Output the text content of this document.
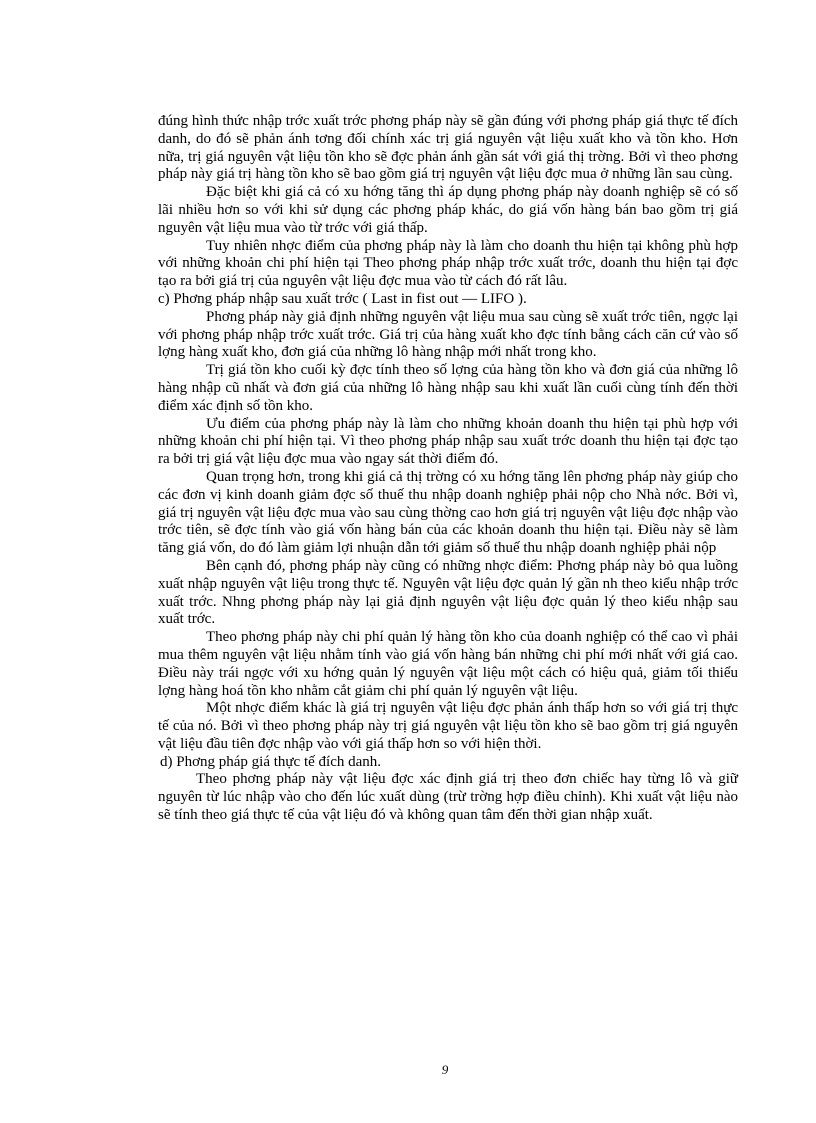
đúng hình thức nhập trớc xuất trớc phơng pháp này sẽ gần đúng với phơng pháp giá thực tế đích danh, do đó sẽ phản ánh tơng đối chính xác trị giá nguyên vật liệu xuất kho và tồn kho. Hơn nữa, trị giá nguyên vật liệu tồn kho sẽ đợc phản ánh gần sát với giá thị trờng. Bởi vì theo phơng pháp này giá trị hàng tồn kho sẽ bao gồm giá trị nguyên vật liệu đợc mua ở những lần sau cùng.

Đặc biệt khi giá cả có xu hớng tăng thì áp dụng phơng pháp này doanh nghiệp sẽ có số lãi nhiều hơn so với khi sử dụng các phơng pháp khác, do giá vốn hàng bán bao gồm trị giá nguyên vật liệu mua vào từ trớc với giá thấp.

Tuy nhiên nhợc điểm của phơng pháp này là làm cho doanh thu hiện tại không phù hợp với những khoản chi phí hiện tại Theo phơng pháp nhập trớc xuất trớc, doanh thu hiện tại đợc tạo ra bởi giá trị của nguyên vật liệu đợc mua vào từ cách đó rất lâu.

c) Phơng pháp nhập sau xuất trớc ( Last in fist out — LIFO ).

Phơng pháp này giả định những nguyên vật liệu mua sau cùng sẽ xuất trớc tiên, ngợc lại với phơng pháp nhập trớc xuất trớc. Giá trị của hàng xuất kho đợc tính bằng cách căn cứ vào số lợng hàng xuất kho, đơn giá của những lô hàng nhập mới nhất trong kho.

Trị giá tồn kho cuối kỳ đợc tính theo số lợng của hàng tồn kho và đơn giá của những lô hàng nhập cũ nhất và đơn giá của những lô hàng nhập sau khi xuất lần cuối cùng tính đến thời điểm xác định số tồn kho.

Ưu điểm của phơng pháp này là làm cho những khoản doanh thu hiện tại phù hợp với những khoản chi phí hiện tại. Vì theo phơng pháp nhập sau xuất trớc doanh thu hiện tại đợc tạo ra bởi trị giá vật liệu đợc mua vào ngay sát thời điểm đó.

Quan trọng hơn, trong khi giá cả thị trờng có xu hớng tăng lên phơng pháp này giúp cho các đơn vị kinh doanh giảm đợc số thuế thu nhập doanh nghiệp phải nộp cho Nhà nớc. Bởi vì, giá trị nguyên vật liệu đợc mua vào sau cùng thờng cao hơn giá trị nguyên vật liệu đợc nhập vào trớc tiên, sẽ đợc tính vào giá vốn hàng bán của các khoản doanh thu hiện tại. Điều này sẽ làm tăng giá vốn, do đó làm giảm lợi nhuận dẫn tới giảm số thuế thu nhập doanh nghiệp phải nộp

Bên cạnh đó, phơng pháp này cũng có những nhợc điểm: Phơng pháp này bỏ qua luồng xuất nhập nguyên vật liệu trong thực tế. Nguyên vật liệu đợc quản lý gần nh theo kiểu nhập trớc xuất trớc. Nhng phơng pháp này lại giả định nguyên vật liệu đợc quản lý theo kiểu nhập sau xuất trớc.

Theo phơng pháp này chi phí quản lý hàng tồn kho của doanh nghiệp có thể cao vì phải mua thêm nguyên vật liệu nhằm tính vào giá vốn hàng bán những chi phí mới nhất với giá cao. Điều này trái ngợc với xu hớng quản lý nguyên vật liệu một cách có hiệu quả, giảm tối thiểu lợng hàng hoá tồn kho nhằm cắt giảm chi phí quản lý nguyên vật liệu.

Một nhợc điểm khác là giá trị nguyên vật liệu đợc phản ánh thấp hơn so với giá trị thực tế của nó. Bởi vì theo phơng pháp này trị giá nguyên vật liệu tồn kho sẽ bao gồm trị giá nguyên vật liệu đầu tiên đợc nhập vào với giá thấp hơn so với hiện thời.

d) Phơng pháp giá thực tế đích danh.

Theo phơng pháp này vật liệu đợc xác định giá trị theo đơn chiếc hay từng lô và giữ nguyên từ lúc nhập vào cho đến lúc xuất dùng (trừ trờng hợp điều chỉnh). Khi xuất vật liệu nào sẽ tính theo giá thực tế của vật liệu đó và không quan tâm đến thời gian nhập xuất.

9
